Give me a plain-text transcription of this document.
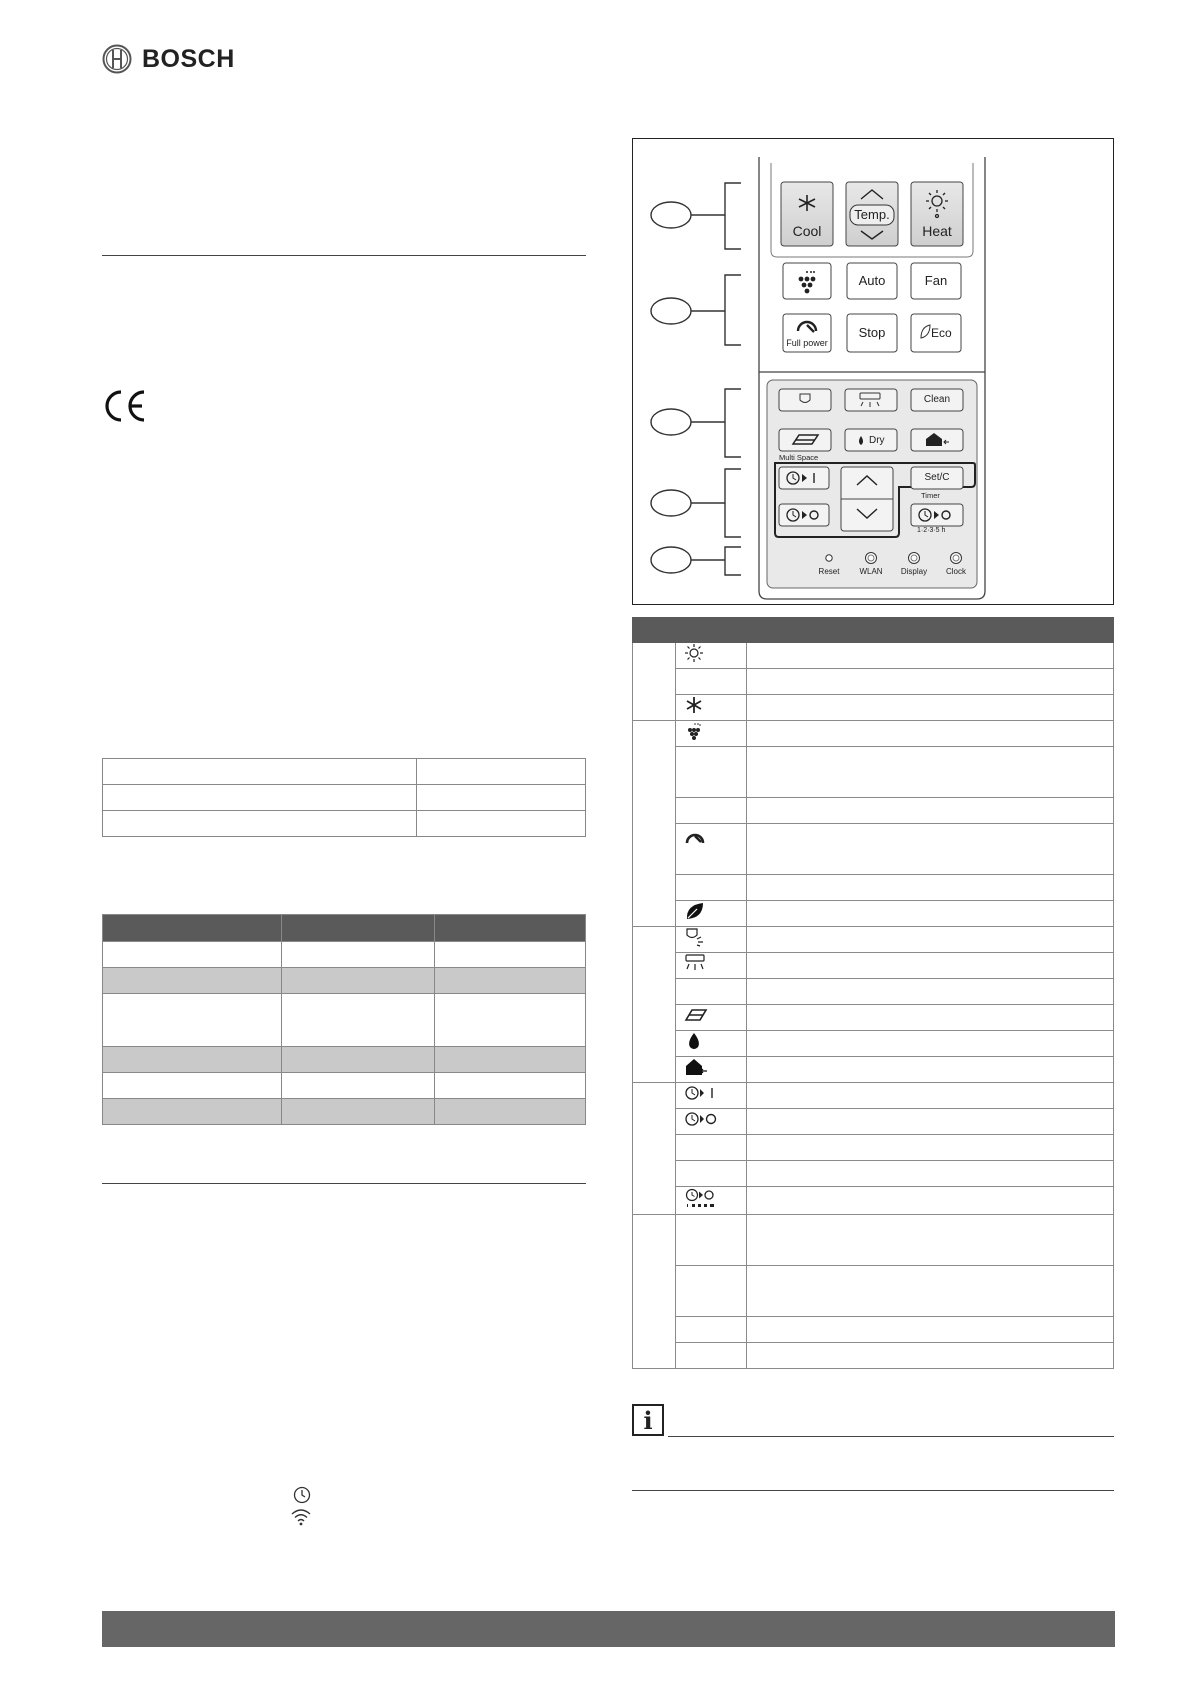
BOSCH

Cool
Temp.
Heat
Auto	Fan
Full power
Stop	Eco
Clean
Dry
Multi Space
Set/C
Timer
1·2·3·5 h
Reset	WLAN	Display	Clock

i
